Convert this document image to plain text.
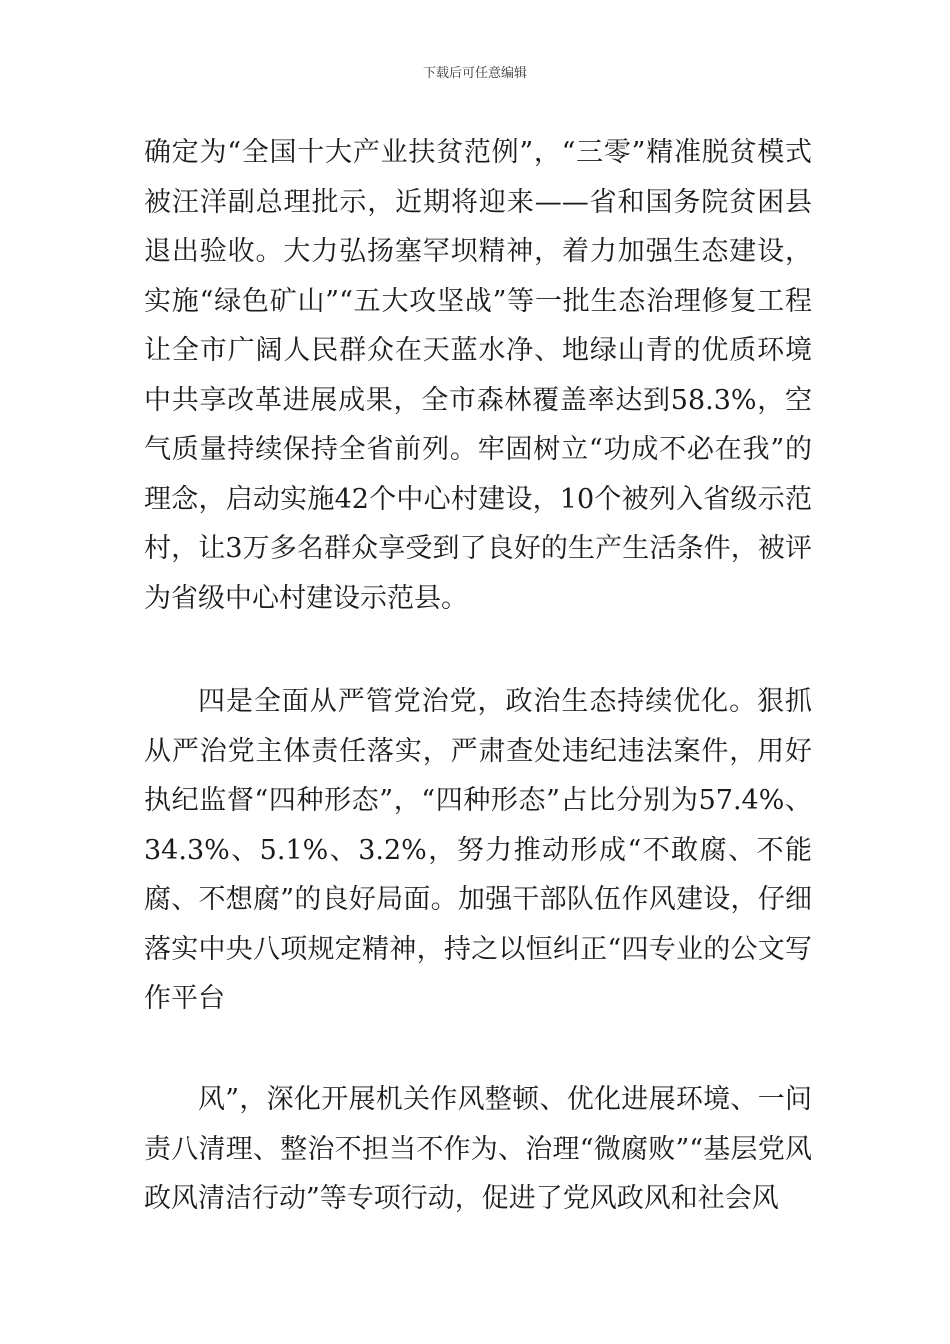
下载后可任意编辑

确定为“全国十大产业扶贫范例”，“三零”精准脱贫模式被汪洋副总理批示，近期将迎来——省和国务院贫困县退出验收。大力弘扬塞罕坝精神，着力加强生态建设，实施“绿色矿山”“五大攻坚战”等一批生态治理修复工程让全市广阔人民群众在天蓝水净、地绿山青的优质环境中共享改革进展成果，全市森林覆盖率达到58.3%，空气质量持续保持全省前列。牢固树立“功成不必在我”的理念，启动实施42个中心村建设，10个被列入省级示范村，让3万多名群众享受到了良好的生产生活条件，被评为省级中心村建设示范县。

四是全面从严管党治党，政治生态持续优化。狠抓从严治党主体责任落实，严肃查处违纪违法案件，用好执纪监督“四种形态”，“四种形态”占比分别为57.4%、34.3%、5.1%、3.2%，努力推动形成“不敢腐、不能腐、不想腐”的良好局面。加强干部队伍作风建设，仔细落实中央八项规定精神，持之以恒纠正“四专业的公文写作平台

风”，深化开展机关作风整顿、优化进展环境、一问责八清理、整治不担当不作为、治理“微腐败”“基层党风政风清洁行动”等专项行动，促进了党风政风和社会风
